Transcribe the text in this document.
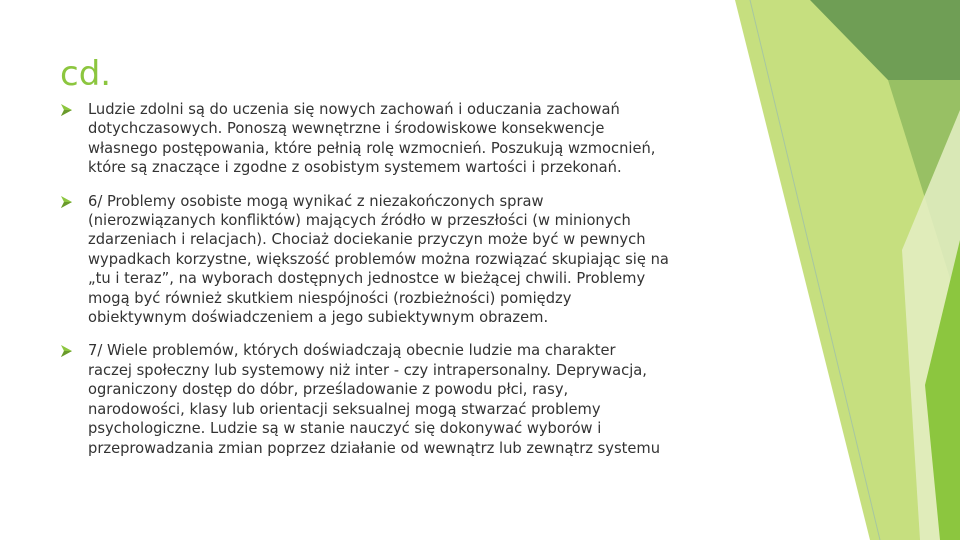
cd.
Ludzie zdolni są do uczenia się nowych zachowań i oduczania zachowań
dotychczasowych. Ponoszą wewnętrzne i środowiskowe konsekwencje
własnego postępowania, które pełnią rolę wzmocnień. Poszukują wzmocnień,
które są znaczące i zgodne z osobistym systemem wartości i przekonań.
6/ Problemy osobiste mogą wynikać z niezakończonych spraw
(nierozwiązanych konfliktów) mających źródło w przeszłości (w minionych
zdarzeniach i relacjach). Chociaż dociekanie przyczyn może być w pewnych
wypadkach korzystne, większość problemów można rozwiązać skupiając się na
„tu i teraz”, na wyborach dostępnych jednostce w bieżącej chwili. Problemy
mogą być również skutkiem niespójności (rozbieżności) pomiędzy
obiektywnym doświadczeniem a jego subiektywnym obrazem.
7/ Wiele problemów, których doświadczają obecnie ludzie ma charakter
raczej społeczny lub systemowy niż inter - czy intrapersonalny. Deprywacja,
ograniczony dostęp do dóbr, prześladowanie z powodu płci, rasy,
narodowości, klasy lub orientacji seksualnej mogą stwarzać problemy
psychologiczne. Ludzie są w stanie nauczyć się dokonywać wyborów i
przeprowadzania zmian poprzez działanie od wewnątrz lub zewnątrz systemu
